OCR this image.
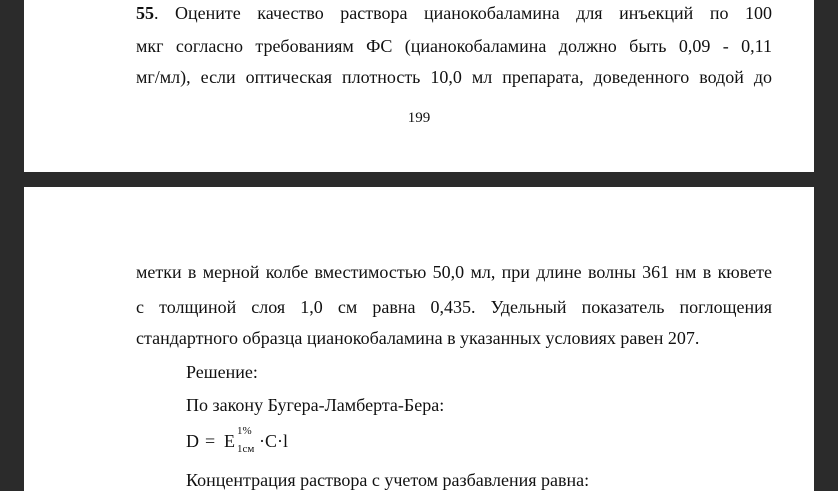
55. Оцените качество раствора цианокобаламина для инъекций по 100
мкг согласно требованиям ФС (цианокобаламина должно быть 0,09 - 0,11
мг/мл), если оптическая плотность 10,0 мл препарата, доведенного водой до
199
метки в мерной колбе вместимостью 50,0 мл, при длине волны 361 нм в кювете
с толщиной слоя 1,0 см равна 0,435. Удельный показатель поглощения
стандартного образца цианокобаламина в указанных условиях равен 207.
Решение:
По закону Бугера-Ламберта-Бера:
D = E 1%
1см ·C·l
Концентрация раствора с учетом разбавления равна:
